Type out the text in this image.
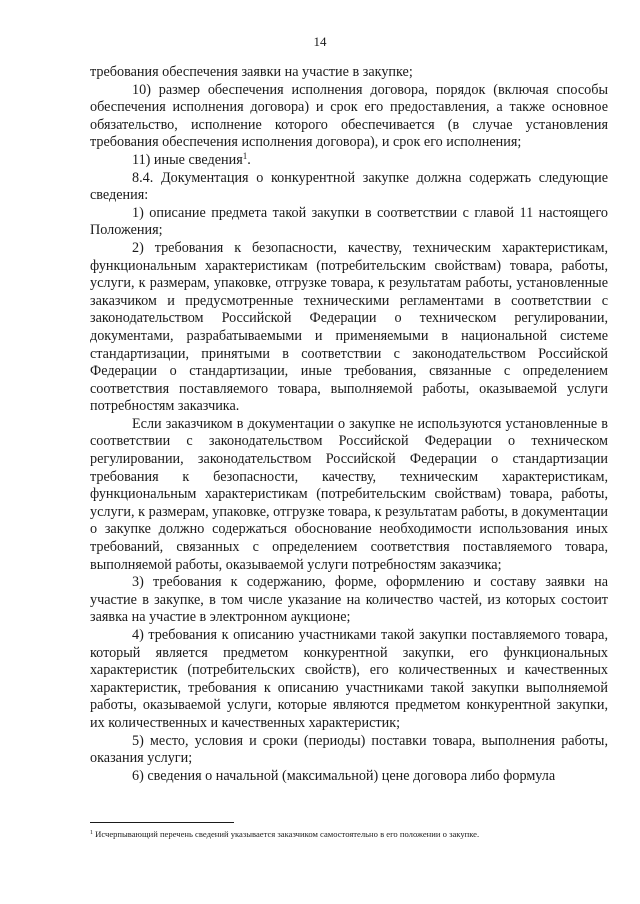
14

требования обеспечения заявки на участие в закупке;

10) размер обеспечения исполнения договора, порядок (включая способы обеспечения исполнения договора) и срок его предоставления, а также основное обязательство, исполнение которого обеспечивается (в случае установления требования обеспечения исполнения договора), и срок его исполнения;

11) иные сведения$^1$.

8.4. Документация о конкурентной закупке должна содержать следующие сведения:

1) описание предмета такой закупки в соответствии с главой 11 настоящего Положения;

2) требования к безопасности, качеству, техническим характеристикам, функциональным характеристикам (потребительским свойствам) товара, работы, услуги, к размерам, упаковке, отгрузке товара, к результатам работы, установленные заказчиком и предусмотренные техническими регламентами в соответствии с законодательством Российской Федерации о техническом регулировании, документами, разрабатываемыми и применяемыми в национальной системе стандартизации, принятыми в соответствии с законодательством Российской Федерации о стандартизации, иные требования, связанные с определением соответствия поставляемого товара, выполняемой работы, оказываемой услуги потребностям заказчика.

Если заказчиком в документации о закупке не используются установленные в соответствии с законодательством Российской Федерации о техническом регулировании, законодательством Российской Федерации о стандартизации требования к безопасности, качеству, техническим характеристикам, функциональным характеристикам (потребительским свойствам) товара, работы, услуги, к размерам, упаковке, отгрузке товара, к результатам работы, в документации о закупке должно содержаться обоснование необходимости использования иных требований, связанных с определением соответствия поставляемого товара, выполняемой работы, оказываемой услуги потребностям заказчика;

3) требования к содержанию, форме, оформлению и составу заявки на участие в закупке, в том числе указание на количество частей, из которых состоит заявка на участие в электронном аукционе;

4) требования к описанию участниками такой закупки поставляемого товара, который является предметом конкурентной закупки, его функциональных характеристик (потребительских свойств), его количественных и качественных характеристик, требования к описанию участниками такой закупки выполняемой работы, оказываемой услуги, которые являются предметом конкурентной закупки, их количественных и качественных характеристик;

5) место, условия и сроки (периоды) поставки товара, выполнения работы, оказания услуги;

6) сведения о начальной (максимальной) цене договора либо формула

$^1$ Исчерпывающий перечень сведений указывается заказчиком самостоятельно в его положении о закупке.
